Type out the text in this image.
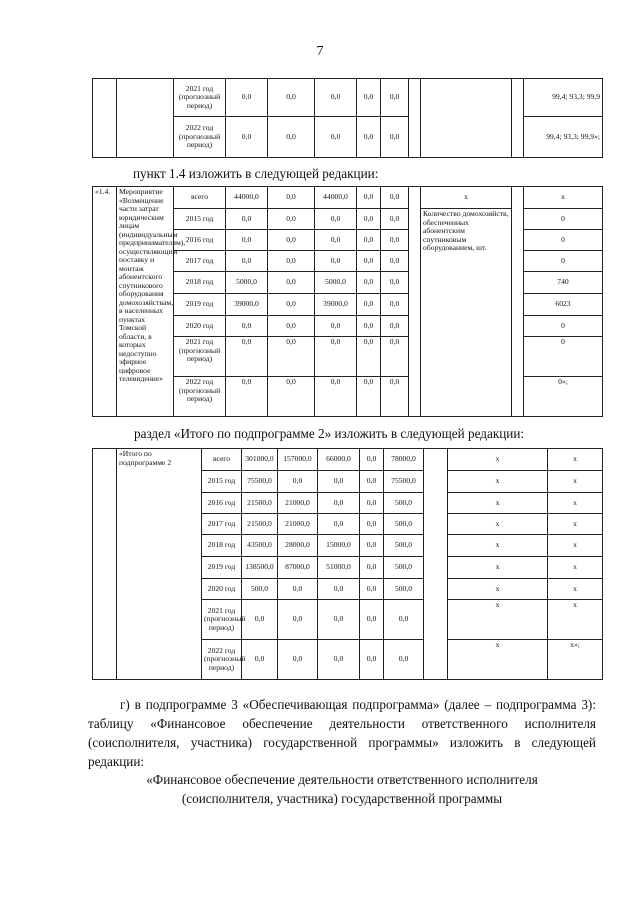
7
		2021 год (прогнозный период)	0,0	0,0	0,0	0,0	0,0				99,4; 93,3; 99,9
		2022 год (прогнозный период)	0,0	0,0	0,0	0,0	0,0				99,4; 93,3; 99,9»;
пункт 1.4 изложить в следующей редакции:
«1.4.	Мероприятие «Возмещение части затрат юридическим лицам (индивидуальным предпринимателям), осуществляющим поставку и монтаж абонентского спутникового оборудования домохозяйствам, в населенных пунктах Томской области, в которых недоступно эфирное цифровое телевидение»	всего	44000,0	0,0	44000,0	0,0	0,0		х		х
		2015 год	0,0	0,0	0,0	0,0	0,0		Количество домохозяйств, обеспеченных абонентским спутниковым оборудованием, шт.		0
		2016 год	0,0	0,0	0,0	0,0	0,0				0
		2017 год	0,0	0,0	0,0	0,0	0,0				0
		2018 год	5000,0	0,0	5000,0	0,0	0,0				740
		2019 год	39000,0	0,0	39000,0	0,0	0,0				6023
		2020 год	0,0	0,0	0,0	0,0	0,0				0
		2021 год (прогнозный период)	0,0	0,0	0,0	0,0	0,0				0
		2022 год (прогнозный период)	0,0	0,0	0,0	0,0	0,0				0»;
раздел «Итого по подпрограмме 2» изложить в следующей редакции:
	«Итого по подпрограмме 2	всего	301000,0	157000,0	66000,0	0,0	78000,0		х	х
		2015 год	75500,0	0,0	0,0	0,0	75500,0		х	х
		2016 год	21500,0	21000,0	0,0	0,0	500,0		х	х
		2017 год	21500,0	21000,0	0,0	0,0	500,0		х	х
		2018 год	43500,0	28000,0	15000,0	0,0	500,0		х	х
		2019 год	138500,0	87000,0	51000,0	0,0	500,0		х	х
		2020 год	500,0	0,0	0,0	0,0	500,0		х	х
		2021 год (прогнозный период)	0,0	0,0	0,0	0,0	0,0		х	х
		2022 год (прогнозный период)	0,0	0,0	0,0	0,0	0,0		х	х»;

г) в подпрограмме 3 «Обеспечивающая подпрограмма» (далее – подпрограмма 3): таблицу «Финансовое обеспечение деятельности ответственного исполнителя (соисполнителя, участника) государственной программы» изложить в следующей редакции:

«Финансовое обеспечение деятельности ответственного исполнителя (соисполнителя, участника) государственной программы
